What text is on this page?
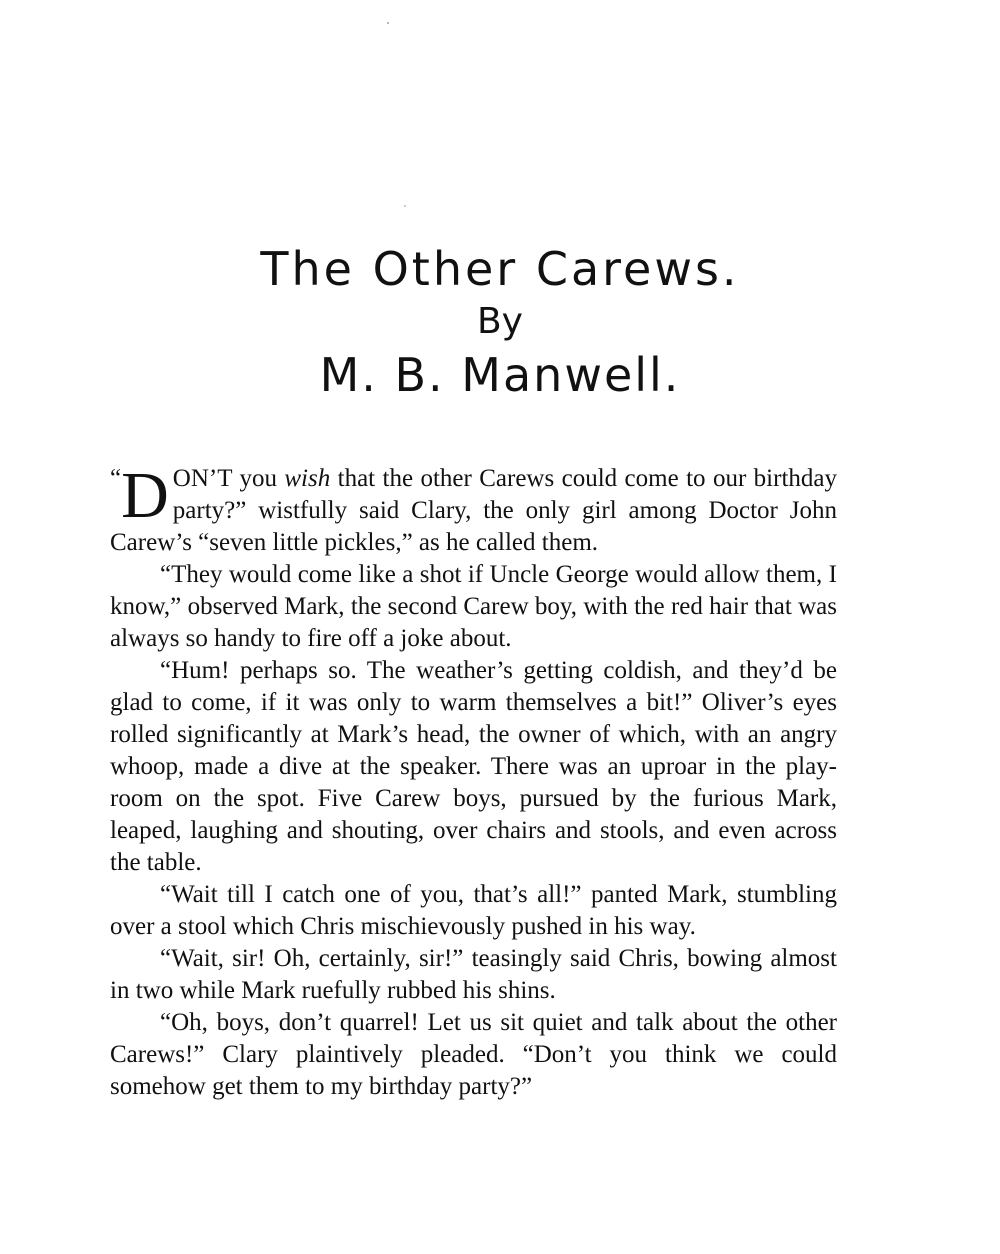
The Other Carews.

By

M. B. Manwell.

“ D ON’T you wish that the other Carews could come to our birthday party?” wistfully said Clary, the only girl among Doctor John Carew’s “seven little pickles,” as he called them.

“They would come like a shot if Uncle George would allow them, I know,” observed Mark, the second Carew boy, with the red hair that was always so handy to fire off a joke about.

“Hum! perhaps so. The weather’s getting coldish, and they’d be glad to come, if it was only to warm themselves a bit!” Oliver’s eyes rolled significantly at Mark’s head, the owner of which, with an angry whoop, made a dive at the speaker. There was an uproar in the play-room on the spot. Five Carew boys, pursued by the furious Mark, leaped, laughing and shouting, over chairs and stools, and even across the table.

“Wait till I catch one of you, that’s all!” panted Mark, stumbling over a stool which Chris mischievously pushed in his way.

“Wait, sir! Oh, certainly, sir!” teasingly said Chris, bowing almost in two while Mark ruefully rubbed his shins.

“Oh, boys, don’t quarrel! Let us sit quiet and talk about the other Carews!” Clary plaintively pleaded. “Don’t you think we could somehow get them to my birthday party?”
